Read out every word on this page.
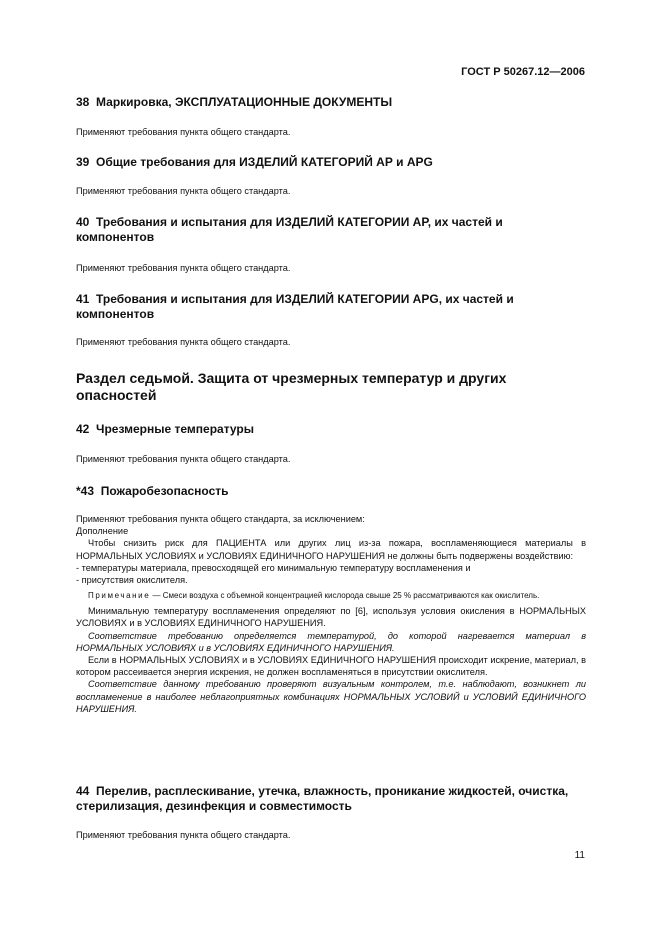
ГОСТ Р 50267.12—2006
38 Маркировка, ЭКСПЛУАТАЦИОННЫЕ ДОКУМЕНТЫ
Применяют требования пункта общего стандарта.
39 Общие требования для ИЗДЕЛИЙ КАТЕГОРИЙ АР и APG
Применяют требования пункта общего стандарта.
40 Требования и испытания для ИЗДЕЛИЙ КАТЕГОРИИ АР, их частей и компонентов
Применяют требования пункта общего стандарта.
41 Требования и испытания для ИЗДЕЛИЙ КАТЕГОРИИ APG, их частей и компонентов
Применяют требования пункта общего стандарта.
Раздел седьмой. Защита от чрезмерных температур и других опасностей
42 Чрезмерные температуры
Применяют требования пункта общего стандарта.
*43 Пожаробезопасность

Применяют требования пункта общего стандарта, за исключением:

Дополнение

Чтобы снизить риск для ПАЦИЕНТА или других лиц из-за пожара, воспламеняющиеся материалы в НОРМАЛЬНЫХ УСЛОВИЯХ и УСЛОВИЯХ ЕДИНИЧНОГО НАРУШЕНИЯ не должны быть подвержены воздействию:

- температуры материала, превосходящей его минимальную температуру воспламенения и

- присутствия окислителя.

Примечание — Смеси воздуха с объемной концентрацией кислорода свыше 25 % рассматриваются как окислитель.

Минимальную температуру воспламенения определяют по [6], используя условия окисления в НОРМАЛЬНЫХ УСЛОВИЯХ и в УСЛОВИЯХ ЕДИНИЧНОГО НАРУШЕНИЯ.

Соответствие требованию определяется температурой, до которой нагревается материал в НОРМАЛЬНЫХ УСЛОВИЯХ и в УСЛОВИЯХ ЕДИНИЧНОГО НАРУШЕНИЯ.

Если в НОРМАЛЬНЫХ УСЛОВИЯХ и в УСЛОВИЯХ ЕДИНИЧНОГО НАРУШЕНИЯ происходит искрение, материал, в котором рассеивается энергия искрения, не должен воспламеняться в присутствии окислителя.

Соответствие данному требованию проверяют визуальным контролем, т.е. наблюдают, возникнет ли воспламенение в наиболее неблагоприятных комбинациях НОРМАЛЬНЫХ УСЛОВИЙ и УСЛОВИЙ ЕДИНИЧНОГО НАРУШЕНИЯ.

44 Перелив, расплескивание, утечка, влажность, проникание жидкостей, очистка, стерилизация, дезинфекция и совместимость
Применяют требования пункта общего стандарта.
11
